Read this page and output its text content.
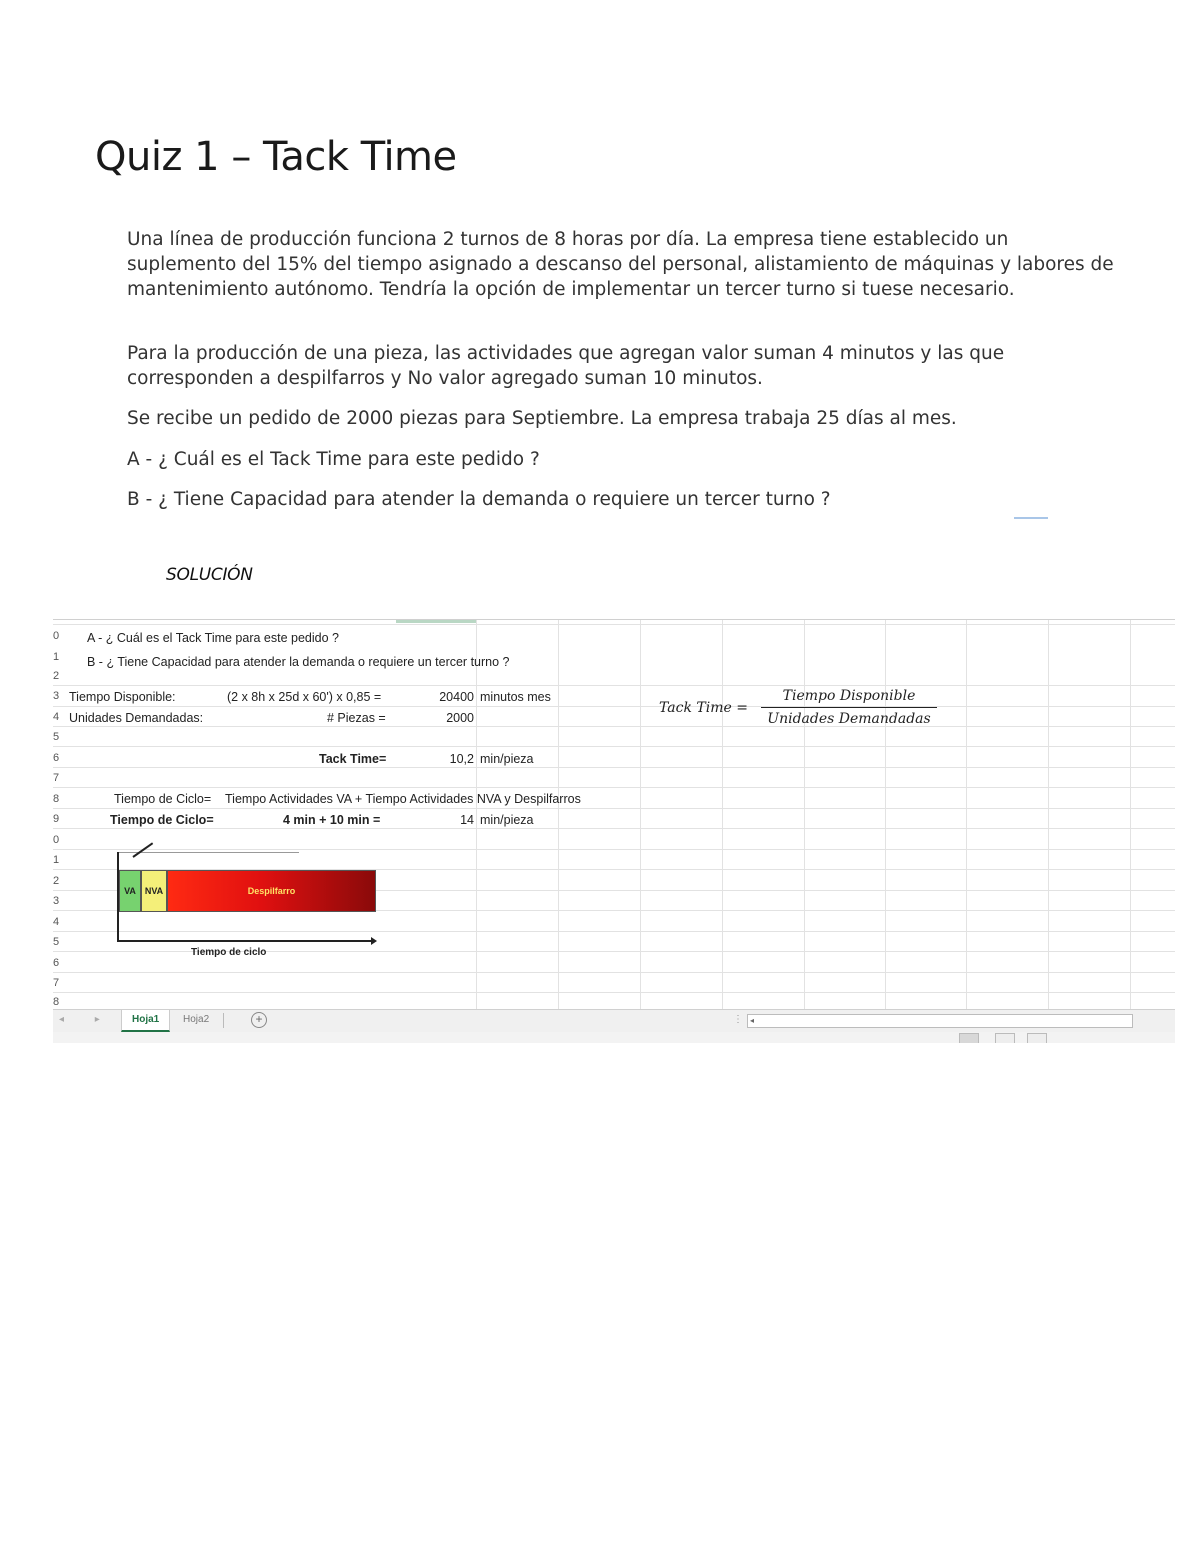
Quiz 1 – Tack Time
Una línea de producción funciona 2 turnos de 8 horas por día. La empresa tiene establecido un suplemento del 15% del tiempo asignado a descanso del personal, alistamiento de máquinas y labores de mantenimiento autónomo. Tendría la opción de implementar un tercer turno si tuese necesario.
Para la producción de una pieza, las actividades que agregan valor suman 4 minutos y las que corresponden a despilfarros y No valor agregado suman 10 minutos.
Se recibe un pedido de 2000 piezas para Septiembre. La empresa trabaja 25 días al mes.
A - ¿ Cuál es el Tack Time para este pedido ?
B - ¿ Tiene Capacidad para atender la demanda o requiere un tercer turno ?
SOLUCIÓN
0
1
2
3
4
5
6
7
8
9
0
1
2
3
4
5
6
7
8
A - ¿ Cuál es el Tack Time para este pedido ?
B - ¿ Tiene Capacidad para atender la demanda o requiere un tercer turno ?
Tiempo Disponible:	(2 x 8h x 25d x 60') x 0,85 =	20400 minutos mes
Unidades Demandadas:	# Piezas =	2000
Tack Time=	10,2 min/pieza
Tiempo de Ciclo= Tiempo Actividades VA + Tiempo Actividades NVA y Despilfarros
Tiempo de Ciclo=	4 min + 10 min =	14 min/pieza
Tack Time =
Tiempo Disponible
Unidades Demandadas
VA NVA	Despilfarro
Tiempo de ciclo
◂ ▸	Hoja1	Hoja2	+	⋮ ◂
